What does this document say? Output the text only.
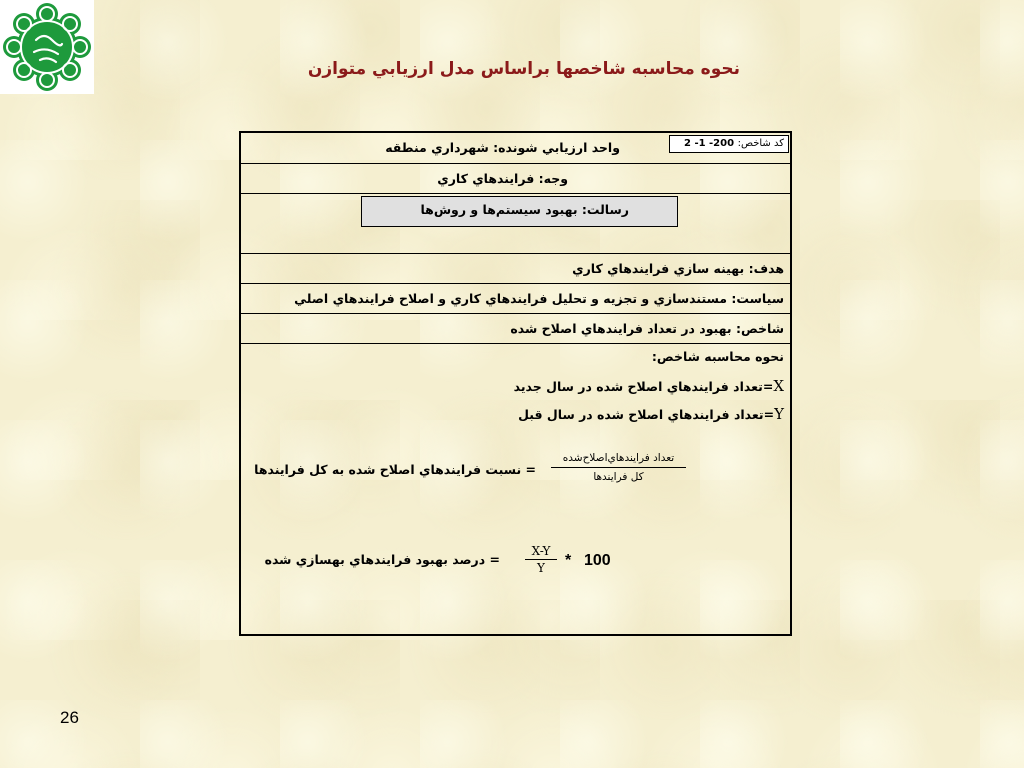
نحوه محاسبه شاخصها براساس مدل ارزيابي متوازن
واحد ارزيابي شونده: شهرداري منطقه	كد شاخص:
2 -1 -200
وجه: فرايندهاي كاري
رسالت: بهبود سيستم‌ها و روش‌ها
هدف: بهينه سازي فرايندهاي كاري
سياست: مستندسازي و تجزيه و تحليل فرايندهاي كاري و اصلاح فرايندهاي اصلي
شاخص: بهبود در تعداد فرايندهاي اصلاح شده
نحوه محاسبه شاخص:
X=تعداد فرايندهاي اصلاح شده در سال جديد
Y=تعداد فرايندهاي اصلاح شده در سال قبل
= نسبت فرايندهاي اصلاح شده به كل فرايندها
تعداد فرايندهاي‌اصلاح‌شده
كل فرايندها
= درصد بهبود فرايندهاي بهسازي شده
X-Y
Y	* 100
26
